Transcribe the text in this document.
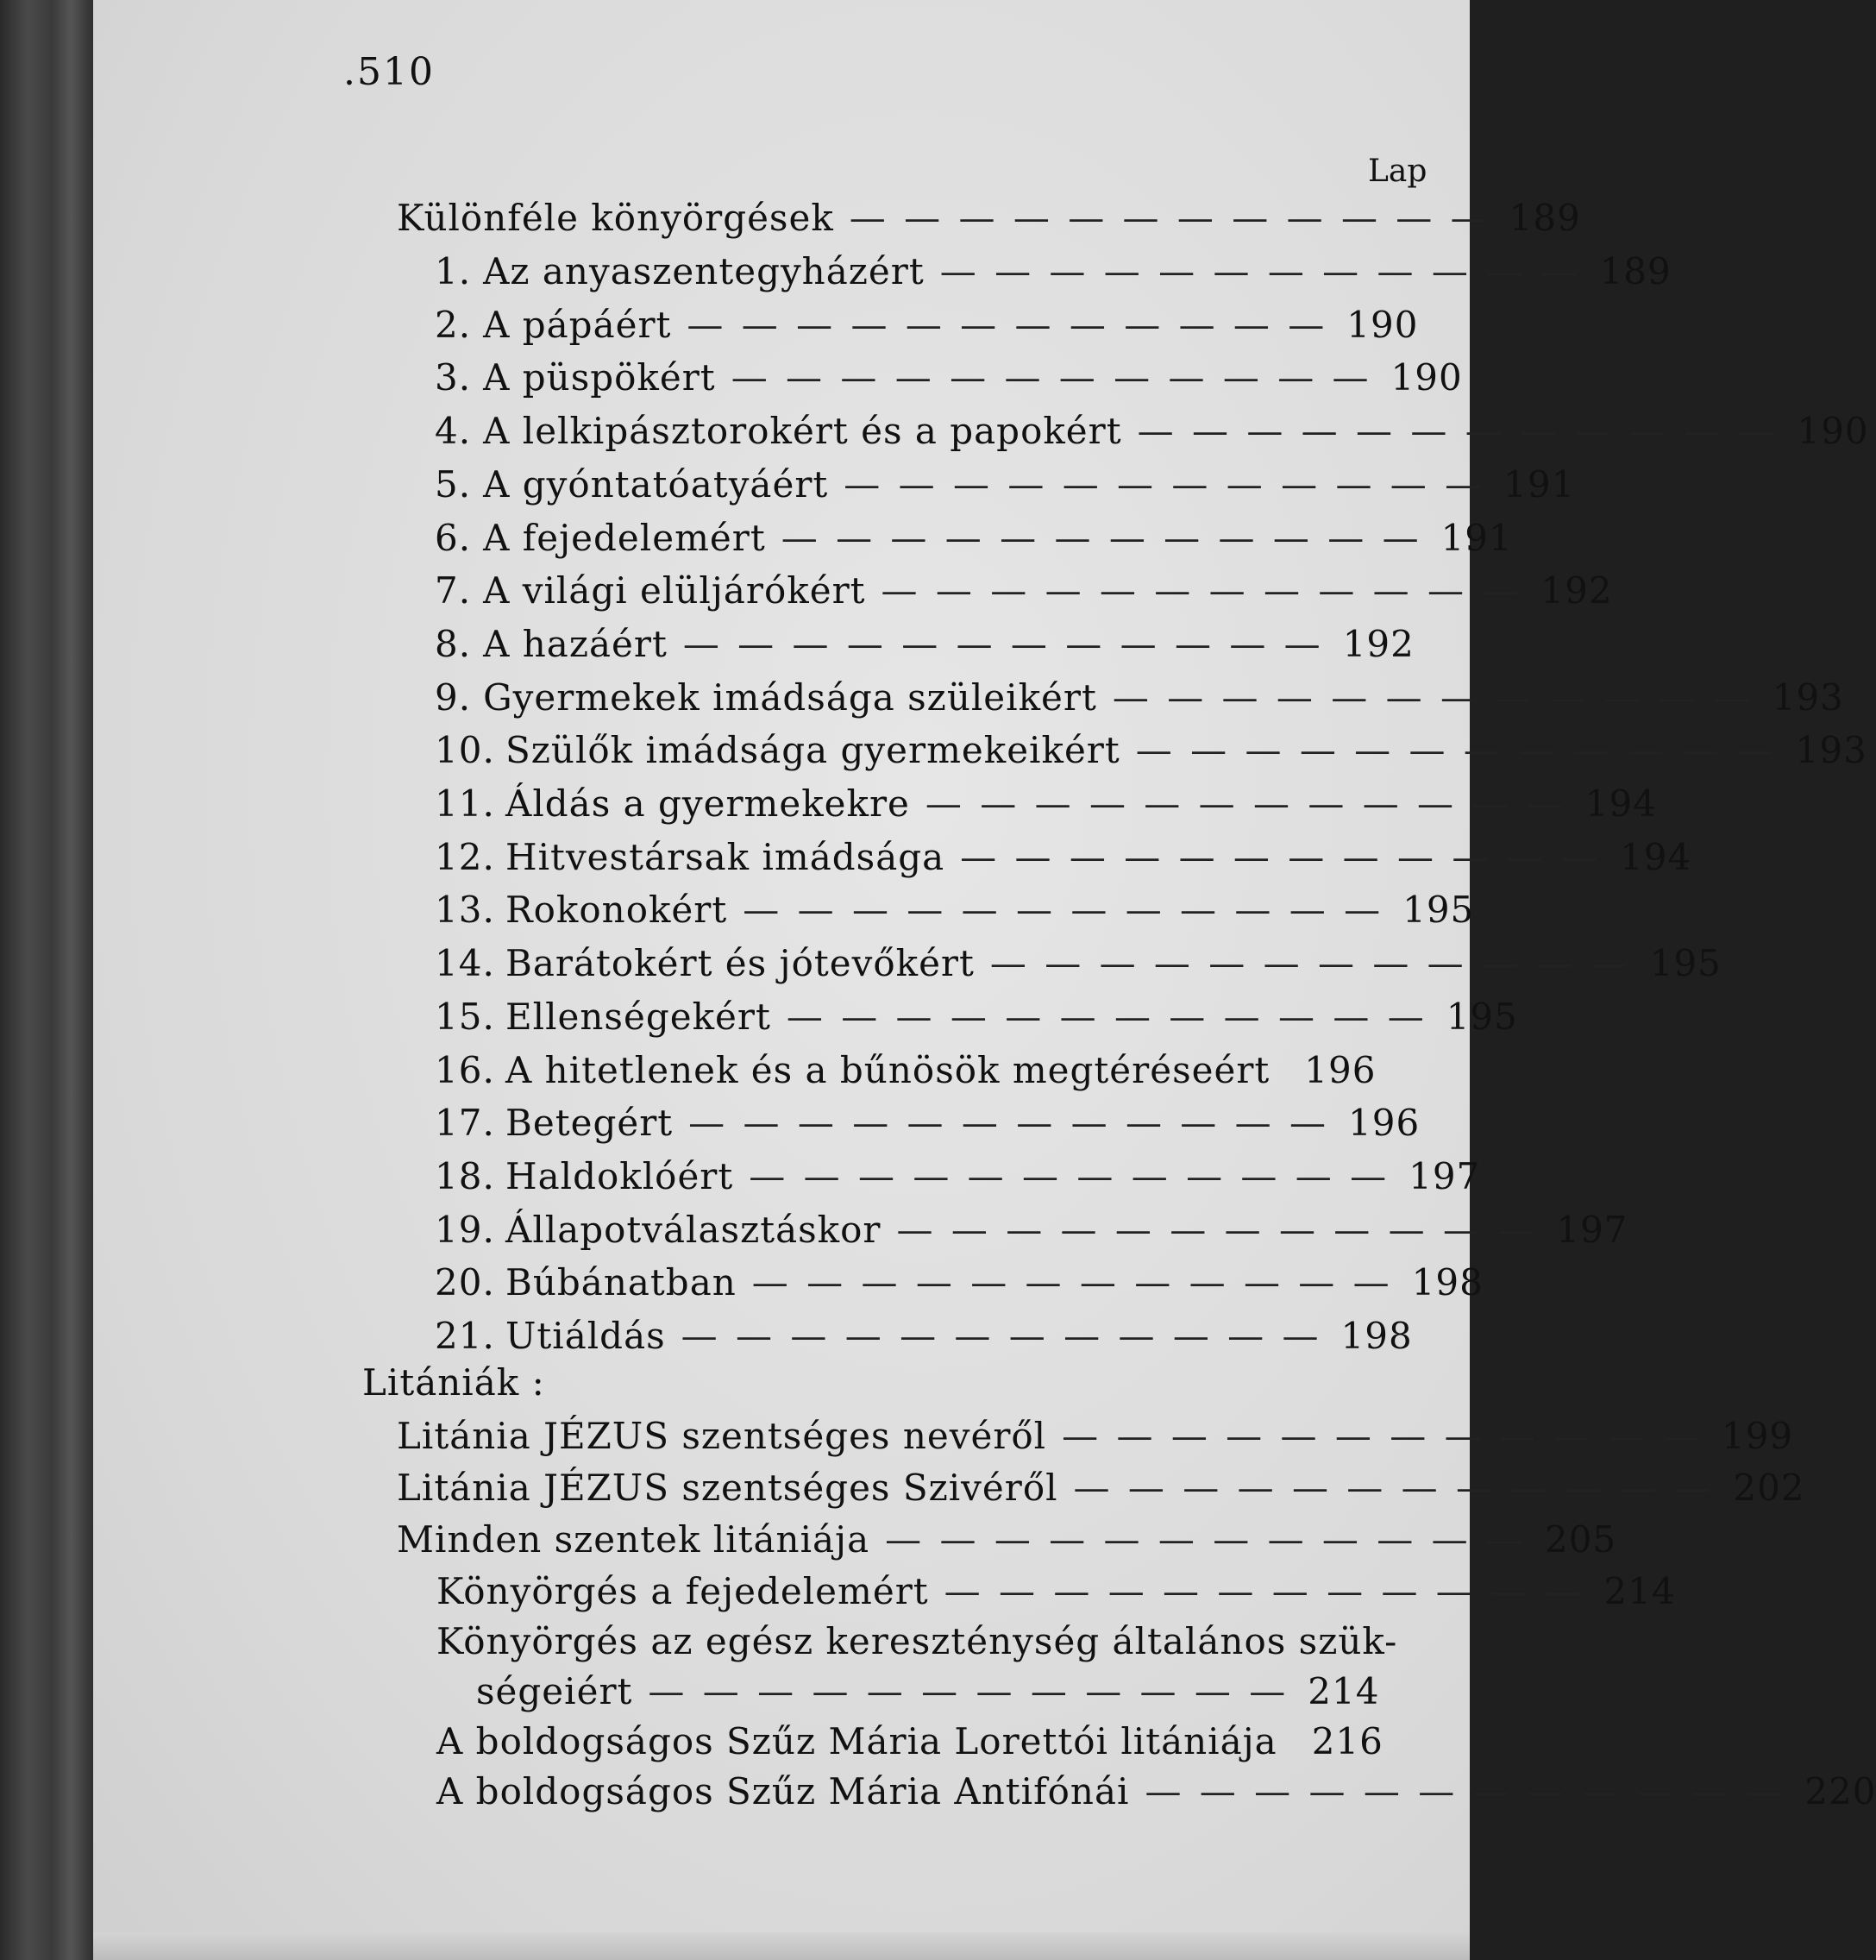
.510
Lap
Különféle könyörgések — — — — — — — — — — — — 189
1. Az anyaszentegyházért — — — — — — — — — — — — 189
2. A pápáért — — — — — — — — — — — — 190
3. A püspökért — — — — — — — — — — — — 190
4. A lelkipásztorokért és a papokért — — — — — — — — — — — — 190
5. A gyóntatóatyáért — — — — — — — — — — — — 191
6. A fejedelemért — — — — — — — — — — — — 191
7. A világi elüljárókért — — — — — — — — — — — — 192
8. A hazáért — — — — — — — — — — — — 192
9. Gyermekek imádsága szüleikért — — — — — — — — — — — — 193
10. Szülők imádsága gyermekeikért — — — — — — — — — — — — 193
11. Áldás a gyermekekre — — — — — — — — — — — — 194
12. Hitvestársak imádsága — — — — — — — — — — — — 194
13. Rokonokért — — — — — — — — — — — — 195
14. Barátokért és jótevőkért — — — — — — — — — — — — 195
15. Ellenségekért — — — — — — — — — — — — 195
16. A hitetlenek és a bűnösök megtéréseért 196
17. Betegért — — — — — — — — — — — — 196
18. Haldoklóért — — — — — — — — — — — — 197
19. Állapotválasztáskor — — — — — — — — — — — — 197
20. Búbánatban — — — — — — — — — — — — 198
21. Utiáldás — — — — — — — — — — — — 198
Litániák :
Litánia JÉZUS szentséges nevéről — — — — — — — — — — — — 199
Litánia JÉZUS szentséges Szivéről — — — — — — — — — — — — 202
Minden szentek litániája — — — — — — — — — — — — 205
Könyörgés a fejedelemért — — — — — — — — — — — — 214
Könyörgés az egész kereszténység általános szük-
ségeiért — — — — — — — — — — — — 214
A boldogságos Szűz Mária Lorettói litániája 216
A boldogságos Szűz Mária Antifónái — — — — — — — — — — — — 220
